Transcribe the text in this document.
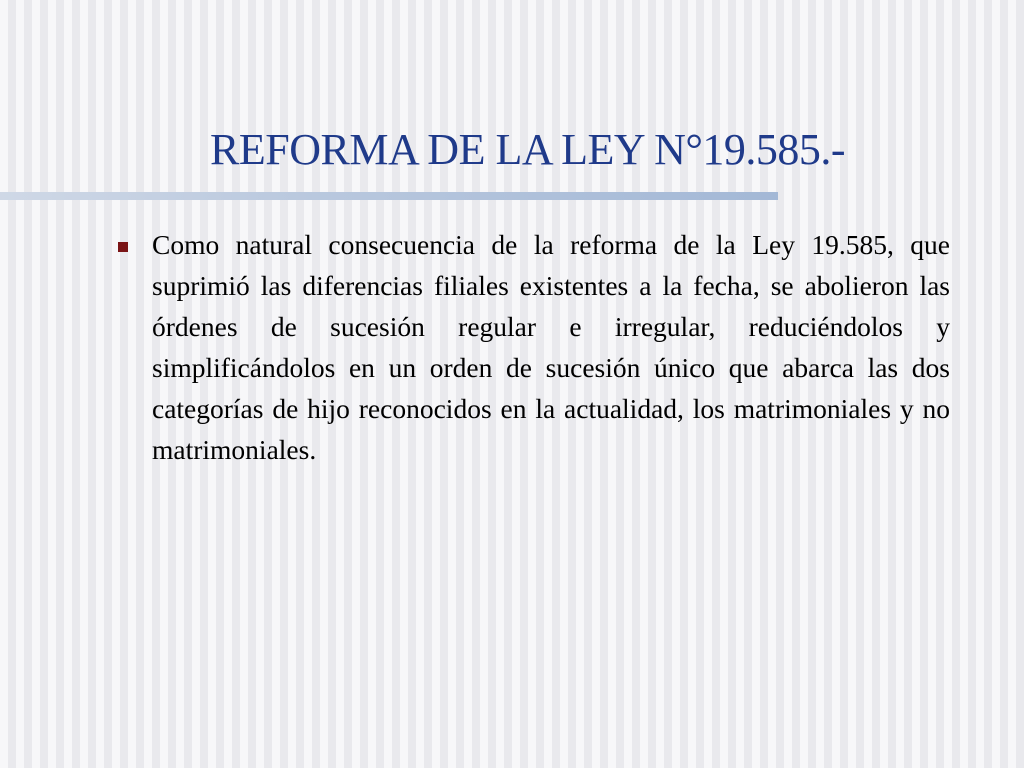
REFORMA DE LA LEY N°19.585.-

Como natural consecuencia de la reforma de la Ley 19.585, que suprimió las diferencias filiales existentes a la fecha, se abolieron las órdenes de sucesión regular e irregular, reduciéndolos y simplificándolos en un orden de sucesión único que abarca las dos categorías de hijo reconocidos en la actualidad, los matrimoniales y no matrimoniales.
